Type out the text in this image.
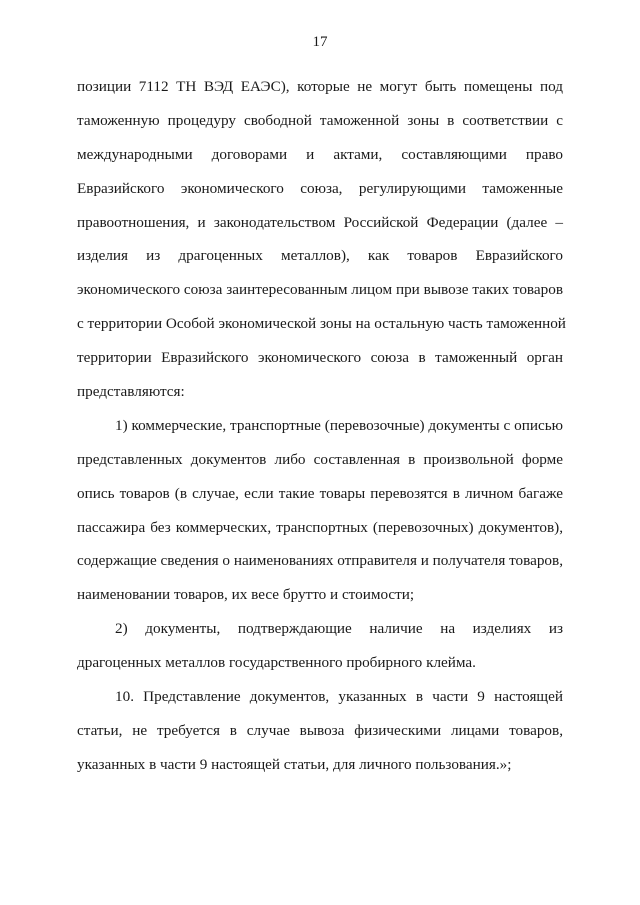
17
позиции 7112 ТН ВЭД ЕАЭС), которые не могут быть помещены под
таможенную процедуру свободной таможенной зоны в соответствии с
международными договорами и актами, составляющими право
Евразийского экономического союза, регулирующими таможенные
правоотношения, и законодательством Российской Федерации (далее –
изделия из драгоценных металлов), как товаров Евразийского
экономического союза заинтересованным лицом при вывозе таких товаров
с территории Особой экономической зоны на остальную часть таможенной
территории Евразийского экономического союза в таможенный орган
представляются:
1) коммерческие, транспортные (перевозочные) документы с описью
представленных документов либо составленная в произвольной форме
опись товаров (в случае, если такие товары перевозятся в личном багаже
пассажира без коммерческих, транспортных (перевозочных) документов),
содержащие сведения о наименованиях отправителя и получателя товаров,
наименовании товаров, их весе брутто и стоимости;
2) документы, подтверждающие наличие на изделиях из
драгоценных металлов государственного пробирного клейма.
10. Представление документов, указанных в части 9 настоящей
статьи, не требуется в случае вывоза физическими лицами товаров,
указанных в части 9 настоящей статьи, для личного пользования.»;
